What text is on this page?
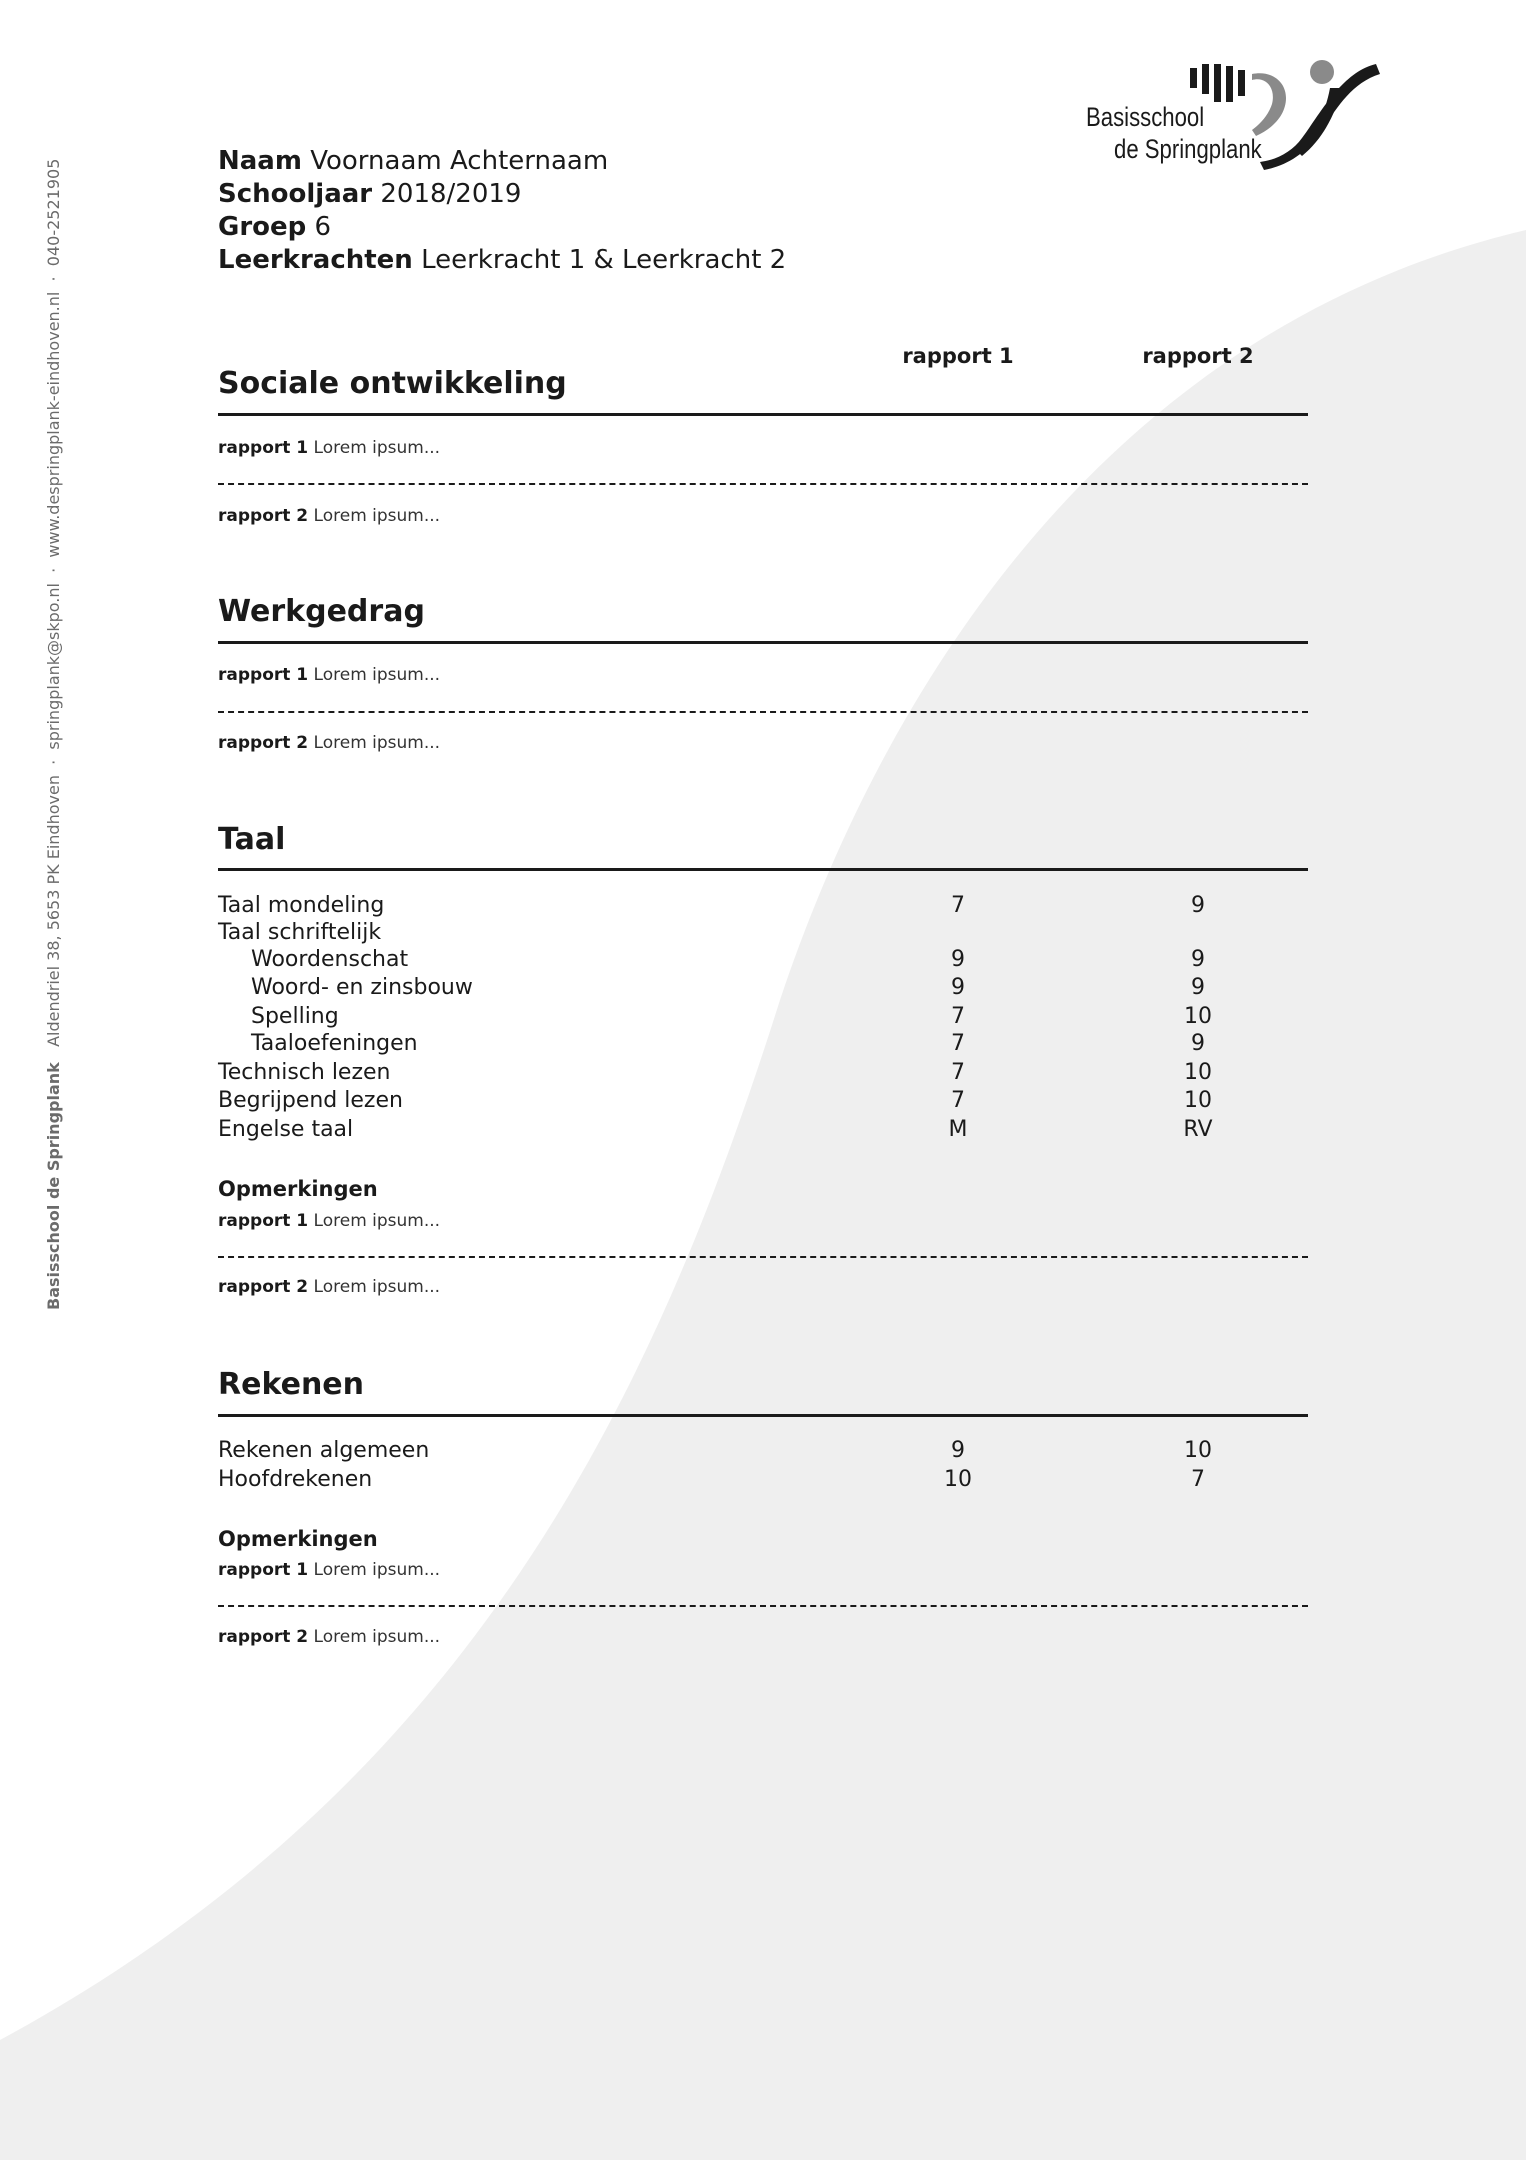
Basisschool de Springplank   Aldendriel 38, 5653 PK Eindhoven  ·  springplank@skpo.nl  ·  www.despringplank-eindhoven.nl  ·  040-2521905
Basisschool
de Springplank
Naam Voornaam Achternaam
Schooljaar 2018/2019
Groep 6
Leerkrachten Leerkracht 1 & Leerkracht 2
rapport 1	rapport 2
Sociale ontwikkeling
rapport 1 Lorem ipsum...
rapport 2 Lorem ipsum...
Werkgedrag
rapport 1 Lorem ipsum...
rapport 2 Lorem ipsum...
Taal
Taal mondeling	7	9
Taal schriftelijk
Woordenschat	9	9
Woord- en zinsbouw	9	9
Spelling	7	10
Taaloefeningen	7	9
Technisch lezen	7	10
Begrijpend lezen	7	10
Engelse taal	M	RV
Opmerkingen
rapport 1 Lorem ipsum...
rapport 2 Lorem ipsum...
Rekenen
Rekenen algemeen	9	10
Hoofdrekenen	10	7
Opmerkingen
rapport 1 Lorem ipsum...
rapport 2 Lorem ipsum...
